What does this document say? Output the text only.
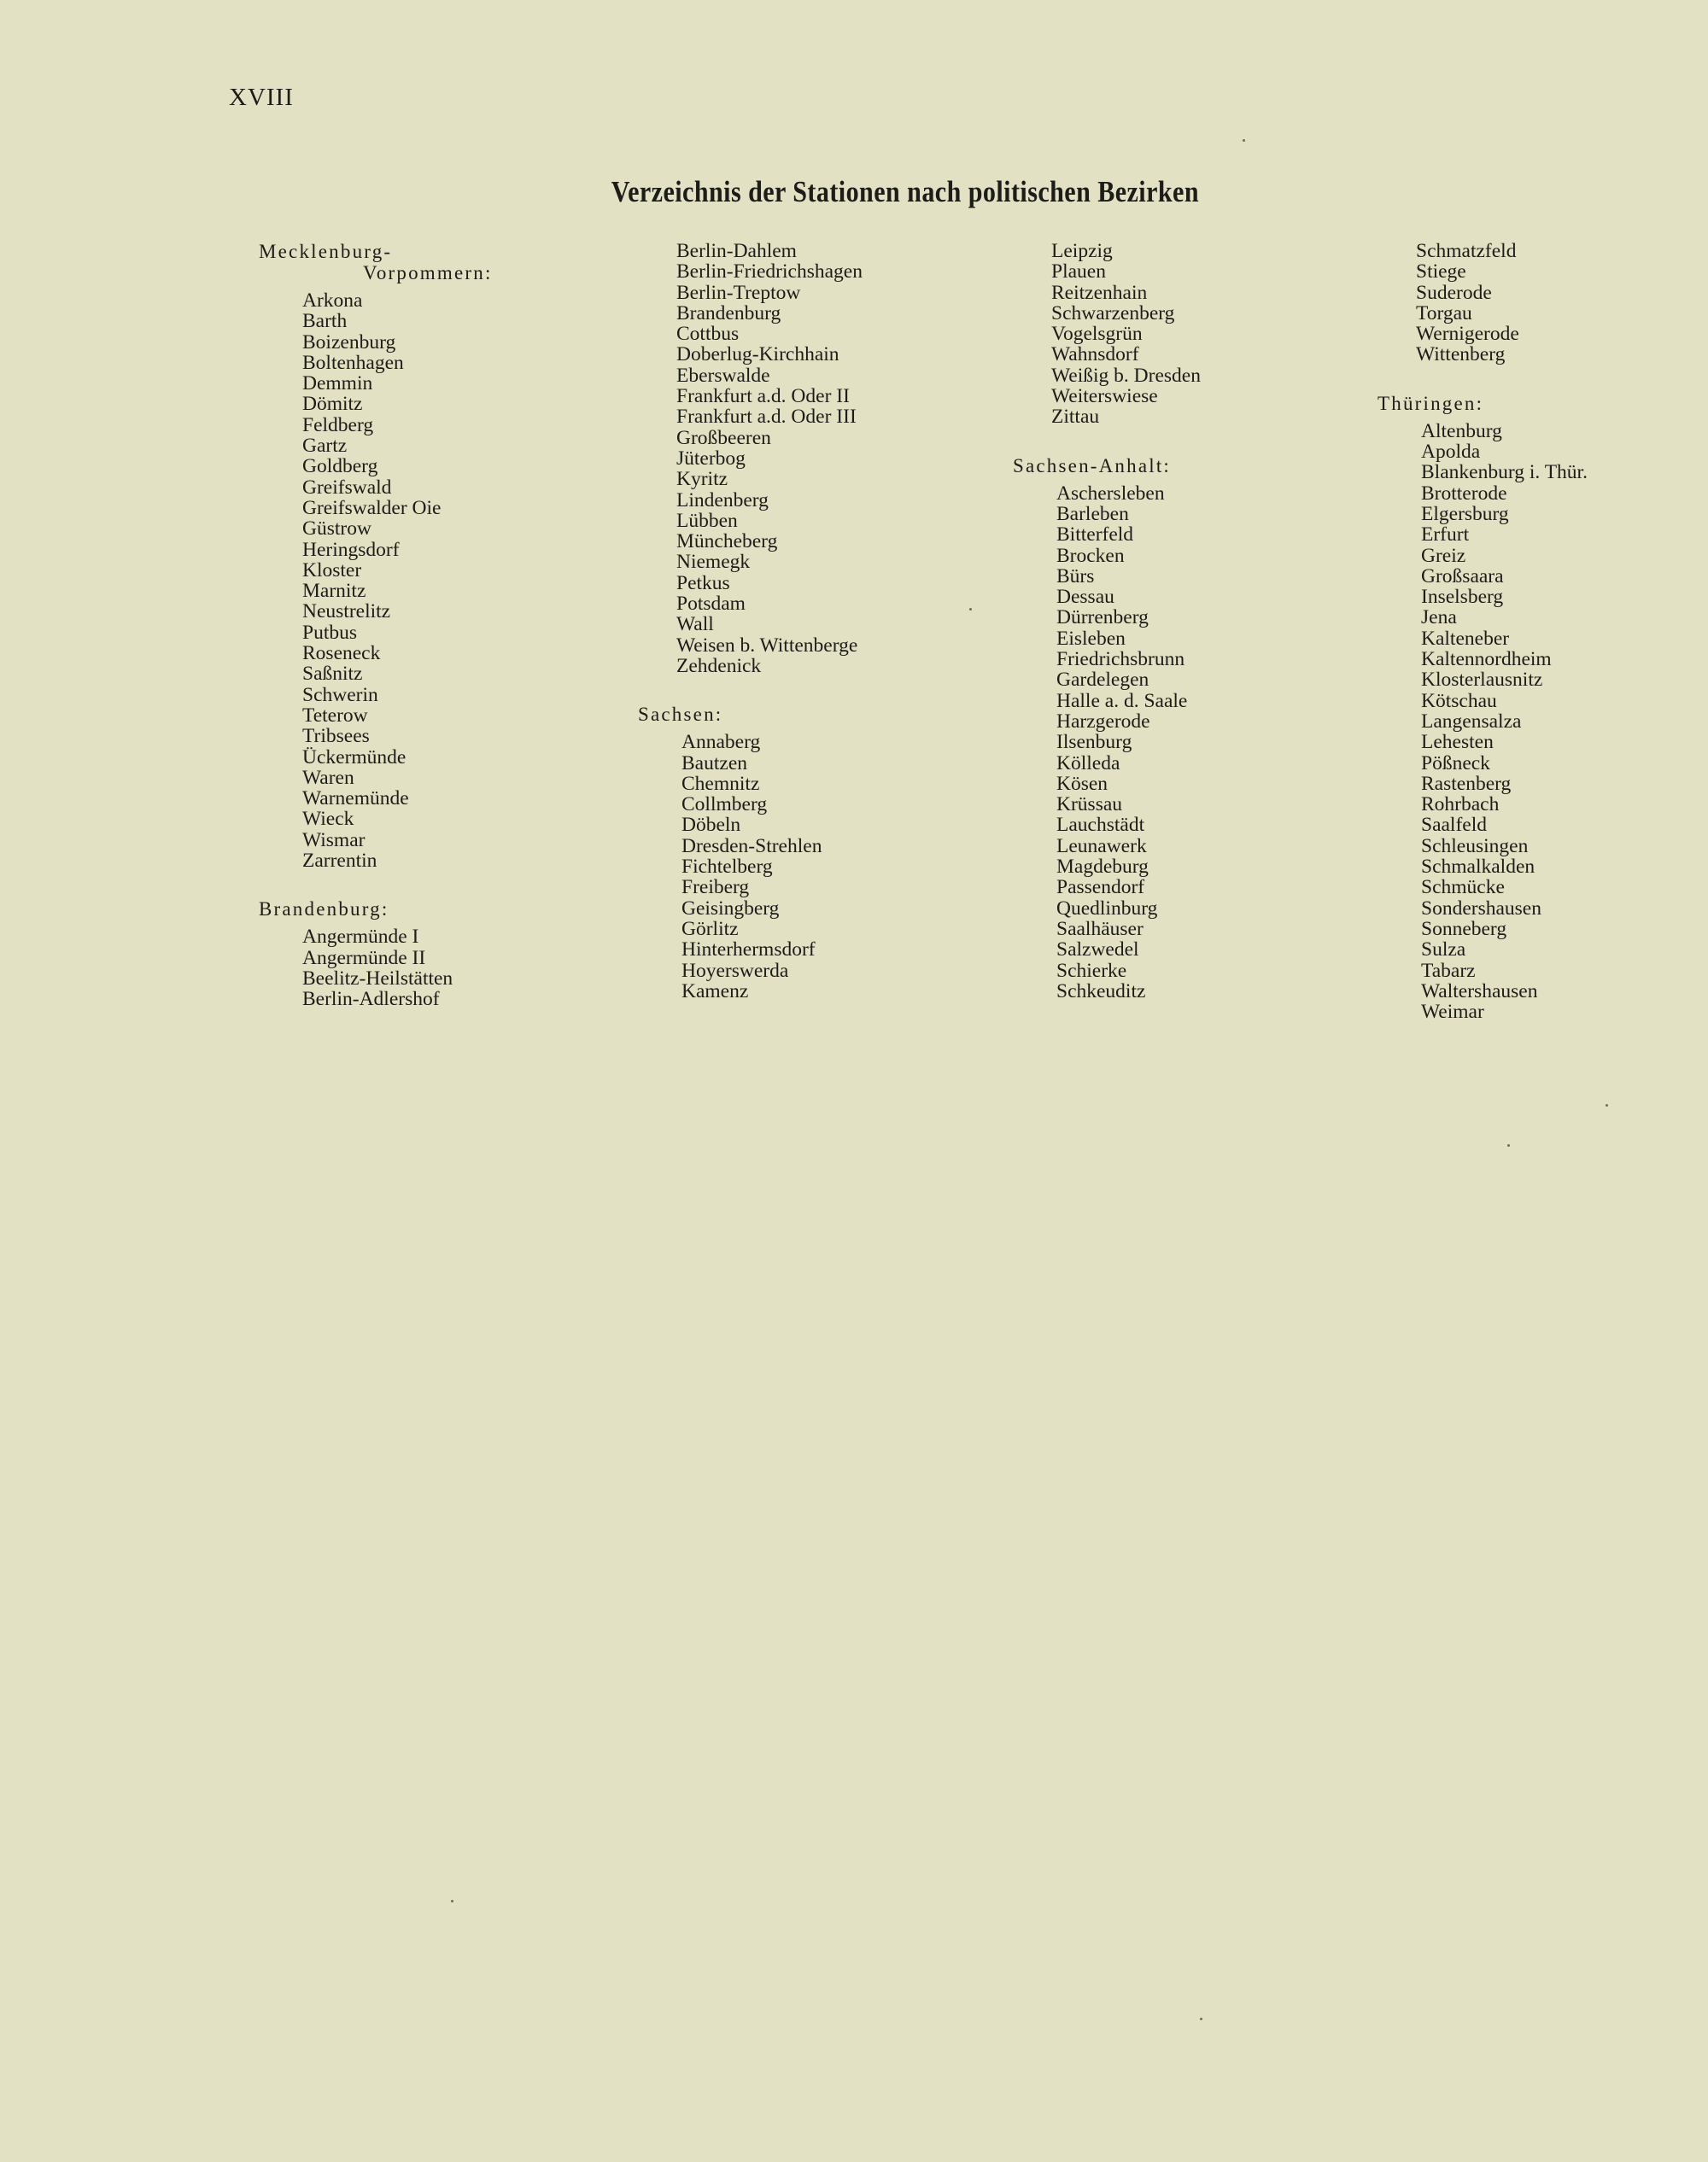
XVIII
Verzeichnis der Stationen nach politischen Bezirken
Mecklenburg-
Vorpommern:
Arkona
Barth
Boizenburg
Boltenhagen
Demmin
Dömitz
Feldberg
Gartz
Goldberg
Greifswald
Greifswalder Oie
Güstrow
Heringsdorf
Kloster
Marnitz
Neustrelitz
Putbus
Roseneck
Saßnitz
Schwerin
Teterow
Tribsees
Ückermünde
Waren
Warnemünde
Wieck
Wismar
Zarrentin
Brandenburg:
Angermünde I
Angermünde II
Beelitz-Heilstätten
Berlin-Adlershof
Berlin-Dahlem
Berlin-Friedrichshagen
Berlin-Treptow
Brandenburg
Cottbus
Doberlug-Kirchhain
Eberswalde
Frankfurt a.d. Oder II
Frankfurt a.d. Oder III
Großbeeren
Jüterbog
Kyritz
Lindenberg
Lübben
Müncheberg
Niemegk
Petkus
Potsdam
Wall
Weisen b. Wittenberge
Zehdenick
Sachsen:
Annaberg
Bautzen
Chemnitz
Collmberg
Döbeln
Dresden-Strehlen
Fichtelberg
Freiberg
Geisingberg
Görlitz
Hinterhermsdorf
Hoyerswerda
Kamenz
Leipzig
Plauen
Reitzenhain
Schwarzenberg
Vogelsgrün
Wahnsdorf
Weißig b. Dresden
Weiterswiese
Zittau
Sachsen-Anhalt:
Aschersleben
Barleben
Bitterfeld
Brocken
Bürs
Dessau
Dürrenberg
Eisleben
Friedrichsbrunn
Gardelegen
Halle a. d. Saale
Harzgerode
Ilsenburg
Kölleda
Kösen
Krüssau
Lauchstädt
Leunawerk
Magdeburg
Passendorf
Quedlinburg
Saalhäuser
Salzwedel
Schierke
Schkeuditz
Schmatzfeld
Stiege
Suderode
Torgau
Wernigerode
Wittenberg
Thüringen:
Altenburg
Apolda
Blankenburg i. Thür.
Brotterode
Elgersburg
Erfurt
Greiz
Großsaara
Inselsberg
Jena
Kalteneber
Kaltennordheim
Klosterlausnitz
Kötschau
Langensalza
Lehesten
Pößneck
Rastenberg
Rohrbach
Saalfeld
Schleusingen
Schmalkalden
Schmücke
Sondershausen
Sonneberg
Sulza
Tabarz
Waltershausen
Weimar
